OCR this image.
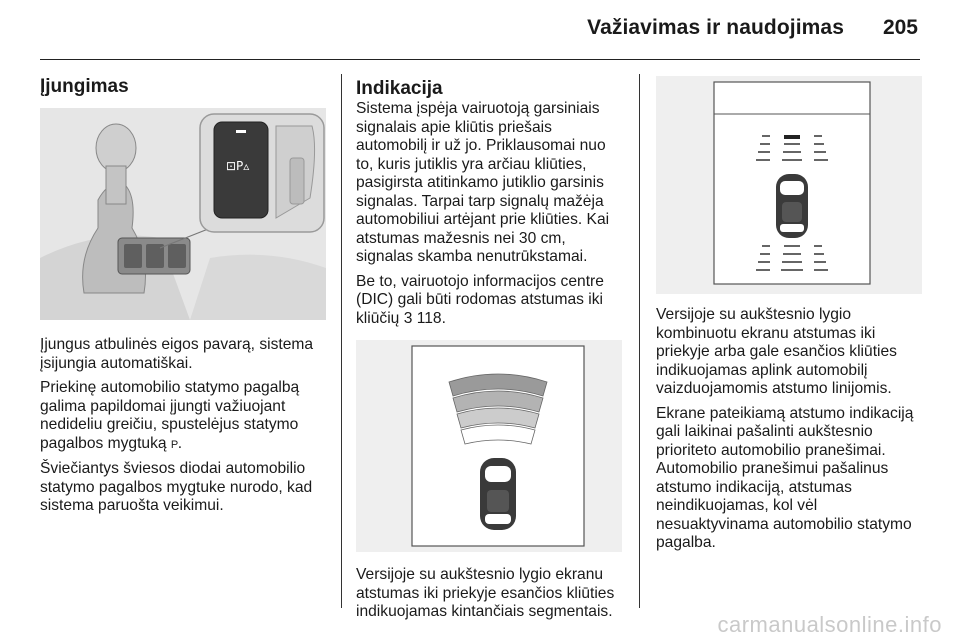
Važiavimas ir naudojimas 205
Įjungimas
⊡P▵

Įjungus atbulinės eigos pavarą, sistema įsijungia automatiškai.

Priekinę automobilio statymo pagalbą galima papildomai įjungti važiuojant nedideliu greičiu, spustelėjus statymo pagalbos mygtuką P.

Šviečiantys šviesos diodai automobilio statymo pagalbos mygtuke nurodo, kad sistema paruošta veikimui.

Indikacija

Sistema įspėja vairuotoją garsiniais signalais apie kliūtis priešais automobilį ir už jo. Priklausomai nuo to, kuris jutiklis yra arčiau kliūties, pasigirsta atitinkamo jutiklio garsinis signalas. Tarpai tarp signalų mažėja automobiliui artėjant prie kliūties. Kai atstumas mažesnis nei 30 cm, signalas skamba nenutrūkstamai.

Be to, vairuotojo informacijos centre (DIC) gali būti rodomas atstumas iki kliūčių 3 118.

Versijoje su aukštesnio lygio ekranu atstumas iki priekyje esančios kliūties indikuojamas kintančiais segmentais.

Versijoje su aukštesnio lygio kombinuotu ekranu atstumas iki priekyje arba gale esančios kliūties indikuojamas aplink automobilį vaizduojamomis atstumo linijomis.

Ekrane pateikiamą atstumo indikaciją gali laikinai pašalinti aukštesnio prioriteto automobilio pranešimai. Automobilio pranešimui pašalinus atstumo indikaciją, atstumas neindikuojamas, kol vėl nesuaktyvinama automobilio statymo pagalba.

carmanualsonline.info
